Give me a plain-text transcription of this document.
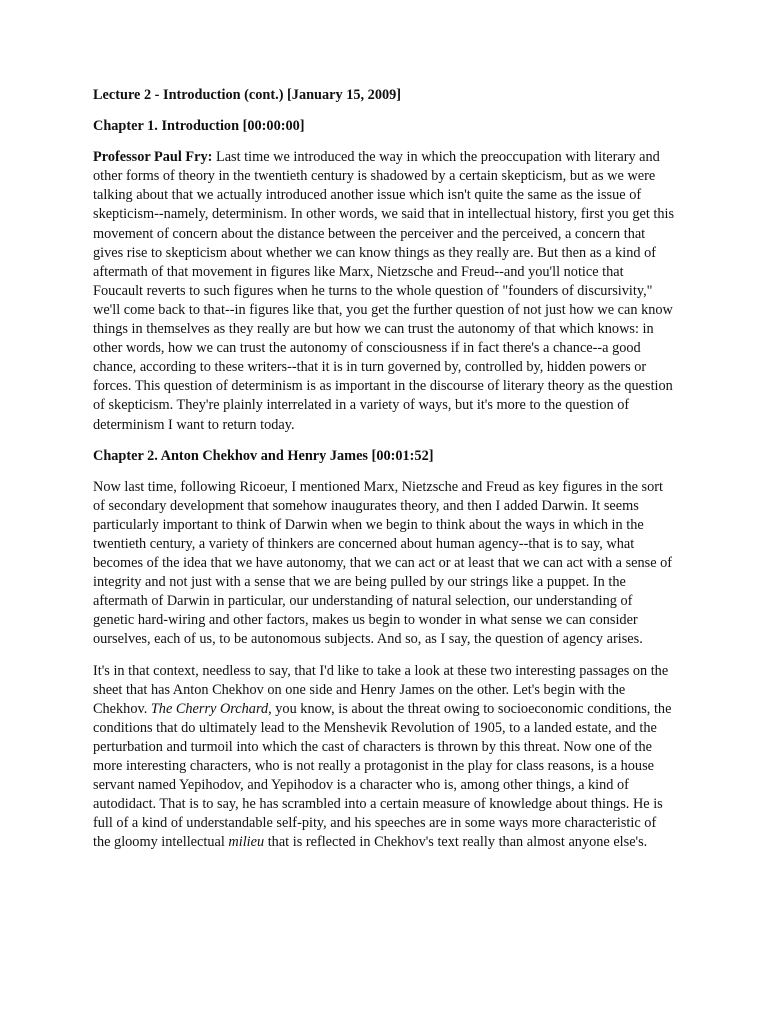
Lecture 2 - Introduction (cont.) [January 15, 2009]

Chapter 1. Introduction [00:00:00]

Professor Paul Fry: Last time we introduced the way in which the preoccupation with literary and other forms of theory in the twentieth century is shadowed by a certain skepticism, but as we were talking about that we actually introduced another issue which isn't quite the same as the issue of skepticism--namely, determinism. In other words, we said that in intellectual history, first you get this movement of concern about the distance between the perceiver and the perceived, a concern that gives rise to skepticism about whether we can know things as they really are. But then as a kind of aftermath of that movement in figures like Marx, Nietzsche and Freud--and you'll notice that Foucault reverts to such figures when he turns to the whole question of "founders of discursivity," we'll come back to that--in figures like that, you get the further question of not just how we can know things in themselves as they really are but how we can trust the autonomy of that which knows: in other words, how we can trust the autonomy of consciousness if in fact there's a chance--a good chance, according to these writers--that it is in turn governed by, controlled by, hidden powers or forces. This question of determinism is as important in the discourse of literary theory as the question of skepticism. They're plainly interrelated in a variety of ways, but it's more to the question of determinism I want to return today.

Chapter 2. Anton Chekhov and Henry James [00:01:52]

Now last time, following Ricoeur, I mentioned Marx, Nietzsche and Freud as key figures in the sort of secondary development that somehow inaugurates theory, and then I added Darwin. It seems particularly important to think of Darwin when we begin to think about the ways in which in the twentieth century, a variety of thinkers are concerned about human agency--that is to say, what becomes of the idea that we have autonomy, that we can act or at least that we can act with a sense of integrity and not just with a sense that we are being pulled by our strings like a puppet. In the aftermath of Darwin in particular, our understanding of natural selection, our understanding of genetic hard-wiring and other factors, makes us begin to wonder in what sense we can consider ourselves, each of us, to be autonomous subjects. And so, as I say, the question of agency arises.

It's in that context, needless to say, that I'd like to take a look at these two interesting passages on the sheet that has Anton Chekhov on one side and Henry James on the other. Let's begin with the Chekhov. The Cherry Orchard, you know, is about the threat owing to socioeconomic conditions, the conditions that do ultimately lead to the Menshevik Revolution of 1905, to a landed estate, and the perturbation and turmoil into which the cast of characters is thrown by this threat. Now one of the more interesting characters, who is not really a protagonist in the play for class reasons, is a house servant named Yepihodov, and Yepihodov is a character who is, among other things, a kind of autodidact. That is to say, he has scrambled into a certain measure of knowledge about things. He is full of a kind of understandable self-pity, and his speeches are in some ways more characteristic of the gloomy intellectual milieu that is reflected in Chekhov's text really than almost anyone else's.
